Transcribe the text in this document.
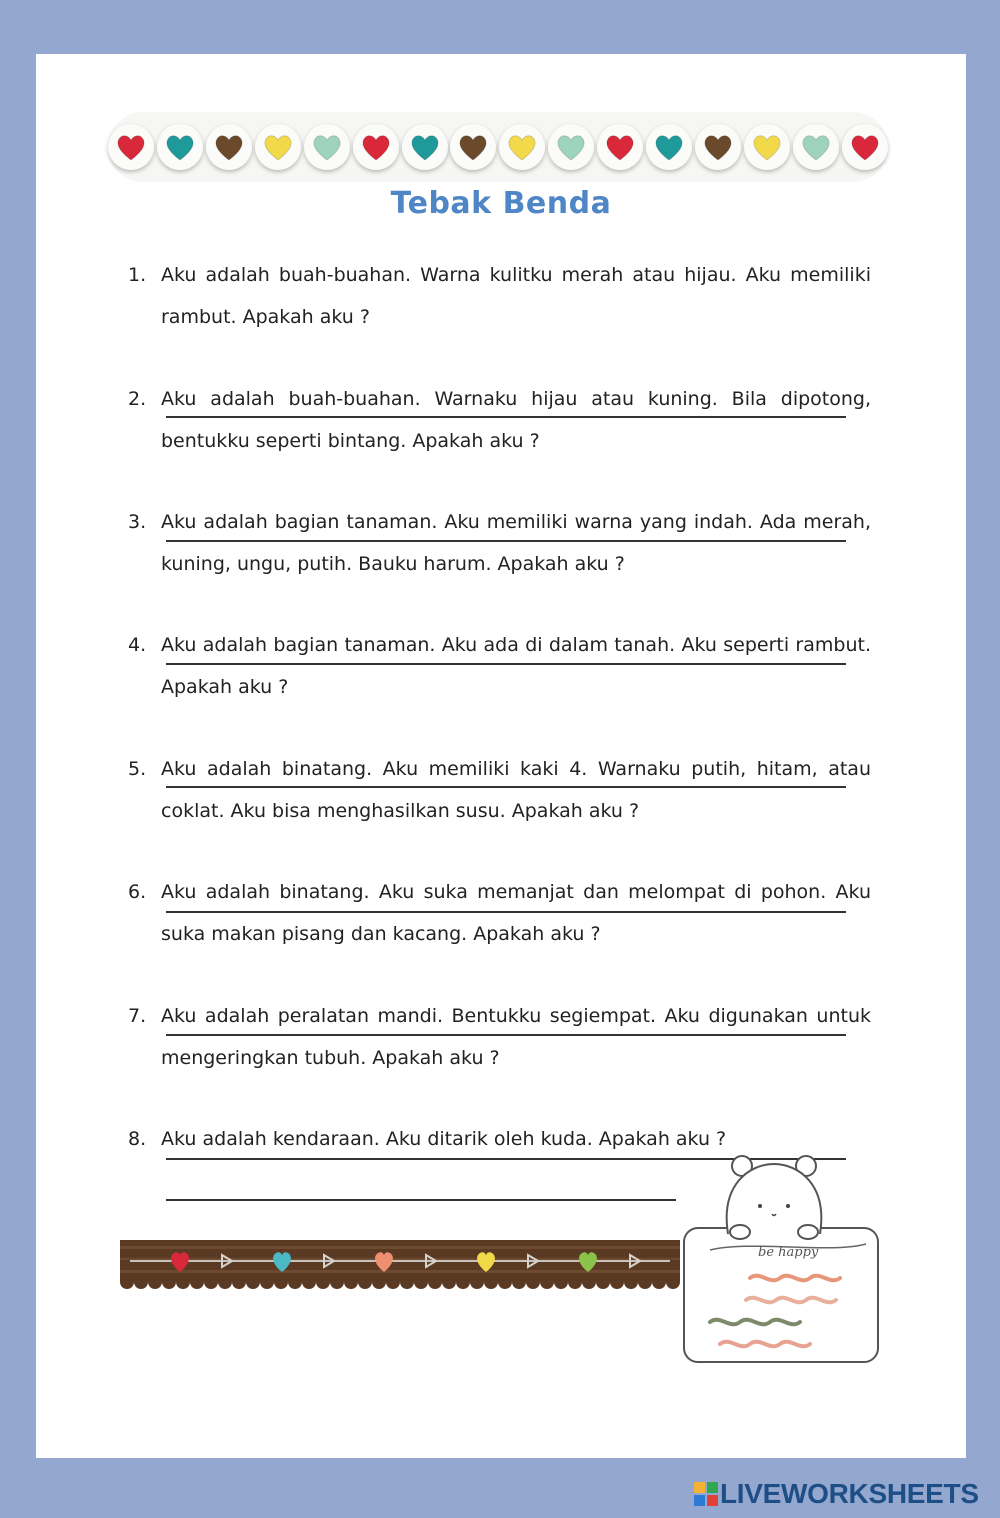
Tebak Benda
1. Aku adalah buah-buahan. Warna kulitku merah atau hijau. Aku memiliki rambut. Apakah aku ?
2. Aku adalah buah-buahan. Warnaku hijau atau kuning. Bila dipotong, bentukku seperti bintang. Apakah aku ?
3. Aku adalah bagian tanaman. Aku memiliki warna yang indah. Ada merah, kuning, ungu, putih. Bauku harum. Apakah aku ?
4. Aku adalah bagian tanaman. Aku ada di dalam tanah. Aku seperti rambut. Apakah aku ?
5. Aku adalah binatang. Aku memiliki kaki 4. Warnaku putih, hitam, atau coklat. Aku bisa menghasilkan susu. Apakah aku ?
6. Aku adalah binatang. Aku suka memanjat dan melompat di pohon. Aku suka makan pisang dan kacang. Apakah aku ?
7. Aku adalah peralatan mandi. Bentukku segiempat. Aku digunakan untuk mengeringkan tubuh. Apakah aku ?
8. Aku adalah kendaraan. Aku ditarik oleh kuda. Apakah aku ?
be happy
LIVEWORKSHEETS
